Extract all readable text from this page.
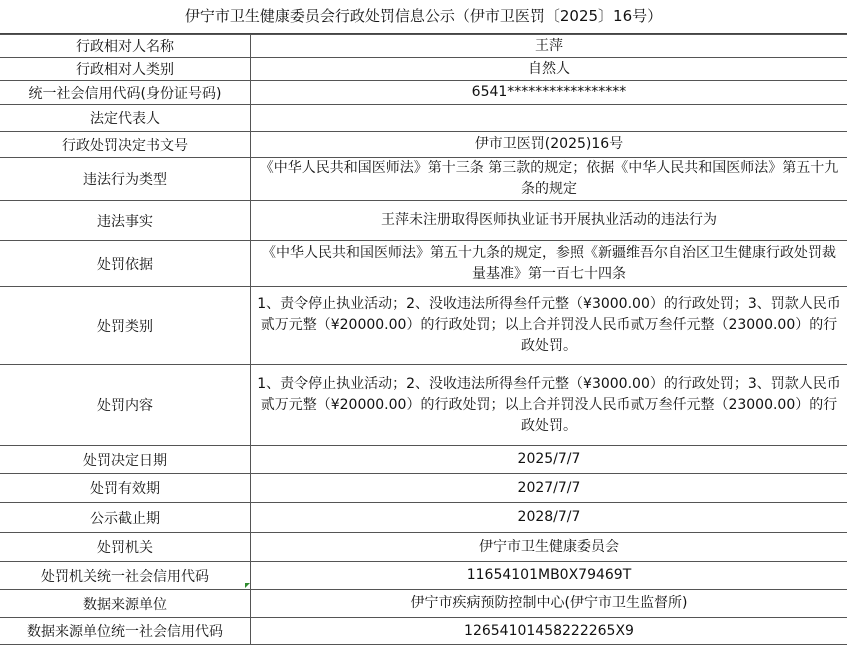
伊宁市卫生健康委员会行政处罚信息公示（伊市卫医罚〔2025〕16号）
行政相对人名称	王萍
行政相对人类别	自然人
统一社会信用代码(身份证号码)	6541*****************
法定代表人	
行政处罚决定书文号	伊市卫医罚(2025)16号
违法行为类型	《中华人民共和国医师法》第十三条 第三款的规定；依据《中华人民共和国医师法》第五十九条的规定
违法事实	王萍未注册取得医师执业证书开展执业活动的违法行为
处罚依据	《中华人民共和国医师法》第五十九条的规定，参照《新疆维吾尔自治区卫生健康行政处罚裁量基准》第一百七十四条
处罚类别	1、责令停止执业活动；2、没收违法所得叁仟元整（¥3000.00）的行政处罚；3、罚款人民币贰万元整（¥20000.00）的行政处罚；以上合并罚没人民币贰万叁仟元整（23000.00）的行政处罚。
处罚内容	1、责令停止执业活动；2、没收违法所得叁仟元整（¥3000.00）的行政处罚；3、罚款人民币贰万元整（¥20000.00）的行政处罚；以上合并罚没人民币贰万叁仟元整（23000.00）的行政处罚。
处罚决定日期	2025/7/7
处罚有效期	2027/7/7
公示截止期	2028/7/7
处罚机关	伊宁市卫生健康委员会
处罚机关统一社会信用代码	11654101MB0X79469T
数据来源单位	伊宁市疾病预防控制中心(伊宁市卫生监督所)
数据来源单位统一社会信用代码	12654101458222265X9
